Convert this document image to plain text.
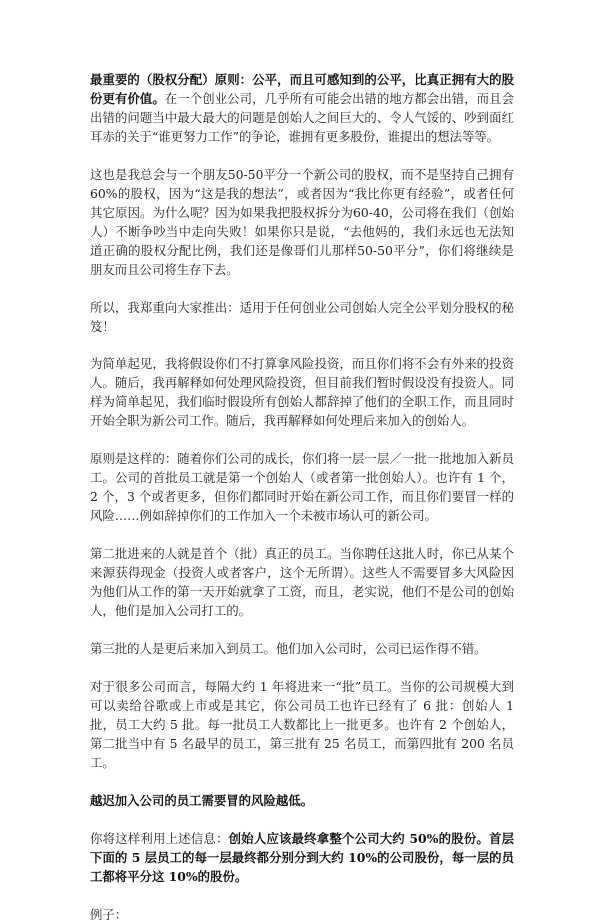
最重要的（股权分配）原则：公平，而且可感知到的公平，比真正拥有大的股份更有价值。在一个创业公司，几乎所有可能会出错的地方都会出错，而且会出错的问题当中最大最大的问题是创始人之间巨大的、令人气馁的、吵到面红耳赤的关于“谁更努力工作”的争论，谁拥有更多股份，谁提出的想法等等。

这也是我总会与一个朋友50-50平分一个新公司的股权，而不是坚持自己拥有60%的股权，因为“这是我的想法”，或者因为“我比你更有经验”，或者任何其它原因。为什么呢？因为如果我把股权拆分为60-40，公司将在我们（创始人）不断争吵当中走向失败！如果你只是说，“去他妈的，我们永远也无法知道正确的股权分配比例，我们还是像哥们儿那样50-50平分”，你们将继续是朋友而且公司将生存下去。

所以，我郑重向大家推出：适用于任何创业公司创始人完全公平划分股权的秘笈！

为简单起见，我将假设你们不打算拿风险投资，而且你们将不会有外来的投资人。随后，我再解释如何处理风险投资，但目前我们暂时假设没有投资人。同样为简单起见，我们临时假设所有创始人都辞掉了他们的全职工作，而且同时开始全职为新公司工作。随后，我再解释如何处理后来加入的创始人。

原则是这样的：随着你们公司的成长，你们将一层一层／一批一批地加入新员工。公司的首批员工就是第一个创始人（或者第一批创始人）。也许有 1 个，2 个，3 个或者更多，但你们都同时开始在新公司工作，而且你们要冒一样的风险……例如辞掉你们的工作加入一个未被市场认可的新公司。

第二批进来的人就是首个（批）真正的员工。当你聘任这批人时，你已从某个来源获得现金（投资人或者客户，这个无所谓）。这些人不需要冒多大风险因为他们从工作的第一天开始就拿了工资，而且，老实说，他们不是公司的创始人，他们是加入公司打工的。

第三批的人是更后来加入到员工。他们加入公司时，公司已运作得不错。

对于很多公司而言，每隔大约 1 年将进来一“批”员工。当你的公司规模大到可以卖给谷歌或上市或是其它，你公司员工也许已经有了 6 批：创始人 1 批，员工大约 5 批。每一批员工人数都比上一批更多。也许有 2 个创始人，第二批当中有 5 名最早的员工，第三批有 25 名员工，而第四批有 200 名员工。

越迟加入公司的员工需要冒的风险越低。

你将这样利用上述信息：创始人应该最终拿整个公司大约 50%的股份。首层下面的 5 层员工的每一层最终都分别分到大约 10%的公司股份，每一层的员工都将平分这 10%的股份。

例子：
